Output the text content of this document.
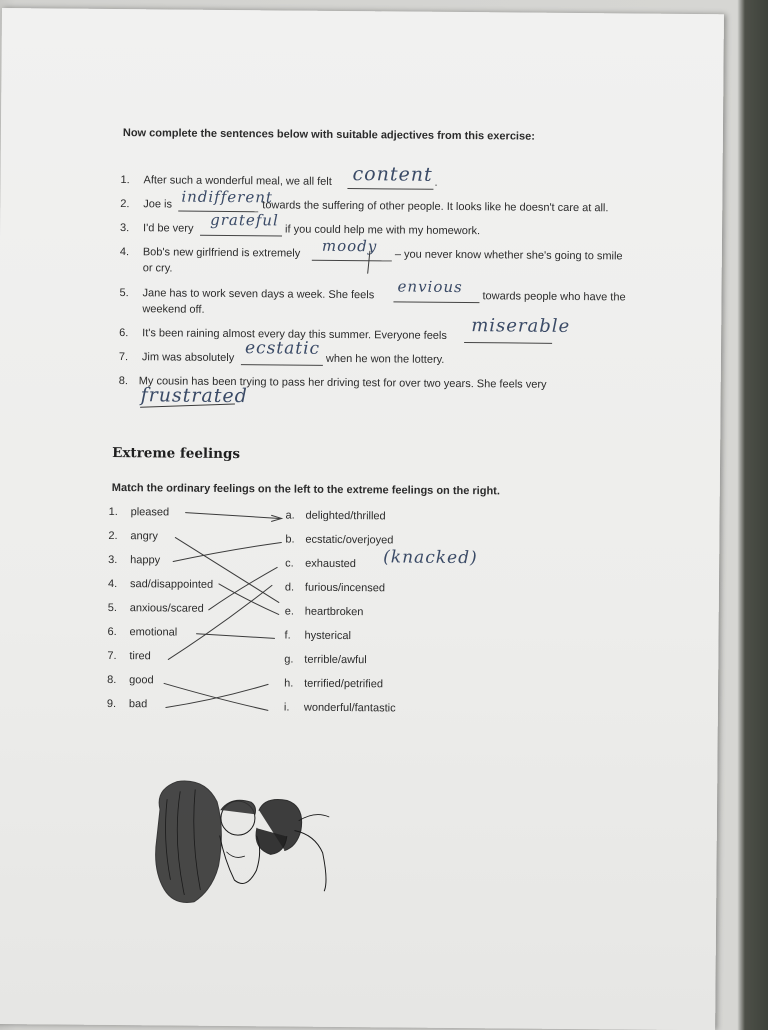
Now complete the sentences below with suitable adjectives from this exercise:
1. After such a wonderful meal, we all felt content .
2. Joe is indifferent
towards the suffering of other people. It looks like he doesn't care at all.
3. I'd be very grateful
if you could help me with my homework.
4. Bob's new girlfriend is extremely moody
– you never know whether she's going to smile
or cry.
5. Jane has to work seven days a week. She feels envious
towards people who have the
weekend off.
6. It's been raining almost every day this summer. Everyone feels miserable
7. Jim was absolutely ecstatic
when he won the lottery.
8. My cousin has been trying to pass her driving test for over two years. She feels very
frustrated
Extreme feelings
Match the ordinary feelings on the left to the extreme feelings on the right.
1. pleased
2. angry
3. happy
4. sad/disappointed
5. anxious/scared
6. emotional
7. tired
8. good
9. bad
a. delighted/thrilled
b. ecstatic/overjoyed
c. exhausted
d. furious/incensed
e. heartbroken
f. hysterical
g. terrible/awful
h. terrified/petrified
i. wonderful/fantastic
(knacked)
